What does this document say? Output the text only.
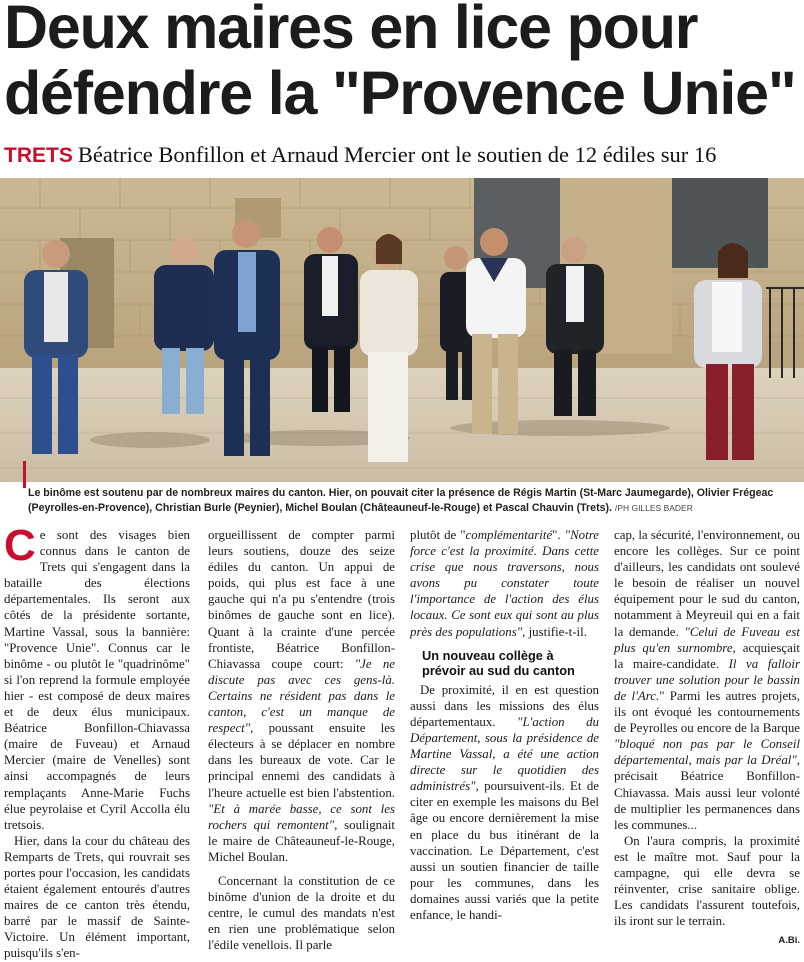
Deux maires en lice pour défendre la "Provence Unie"
TRETS Béatrice Bonfillon et Arnaud Mercier ont le soutien de 12 édiles sur 16
Le binôme est soutenu par de nombreux maires du canton. Hier, on pouvait citer la présence de Régis Martin (St-Marc Jaumegarde), Olivier Frégeac (Peyrolles-en-Provence), Christian Burle (Peynier), Michel Boulan (Châteauneuf-le-Rouge) et Pascal Chauvin (Trets). /PH GILLES BADER

Ce sont des visages bien connus dans le canton de Trets qui s'engagent dans la bataille des élections départementales. Ils seront aux côtés de la présidente sortante, Martine Vassal, sous la bannière: "Provence Unie". Connus car le binôme - ou plutôt le "quadrinôme" si l'on reprend la formule employée hier - est composé de deux maires et de deux élus municipaux. Béatrice Bonfillon-Chiavassa (maire de Fuveau) et Arnaud Mercier (maire de Venelles) sont ainsi accompagnés de leurs remplaçants Anne-Marie Fuchs élue peyrolaise et Cyril Accolla élu tretsois.

Hier, dans la cour du château des Remparts de Trets, qui rouvrait ses portes pour l'occasion, les candidats étaient également entourés d'autres maires de ce canton très étendu, barré par le massif de Sainte-Victoire. Un élément important, puisqu'ils s'en-

orgueillissent de compter parmi leurs soutiens, douze des seize édiles du canton. Un appui de poids, qui plus est face à une gauche qui n'a pu s'entendre (trois binômes de gauche sont en lice). Quant à la crainte d'une percée frontiste, Béatrice Bonfillon-Chiavassa coupe court: "Je ne discute pas avec ces gens-là. Certains ne résident pas dans le canton, c'est un manque de respect", poussant ensuite les électeurs à se déplacer en nombre dans les bureaux de vote. Car le principal ennemi des candidats à l'heure actuelle est bien l'abstention. "Et à marée basse, ce sont les rochers qui remontent", soulignait le maire de Châteauneuf-le-Rouge, Michel Boulan.

Concernant la constitution de ce binôme d'union de la droite et du centre, le cumul des mandats n'est en rien une problématique selon l'édile venellois. Il parle

plutôt de "complémentarité". "Notre force c'est la proximité. Dans cette crise que nous traversons, nous avons pu constater toute l'importance de l'action des élus locaux. Ce sont eux qui sont au plus près des populations", justifie-t-il.

Un nouveau collège à prévoir au sud du canton

De proximité, il en est question aussi dans les missions des élus départementaux. "L'action du Département, sous la présidence de Martine Vassal, a été une action directe sur le quotidien des administrés", poursuivent-ils. Et de citer en exemple les maisons du Bel âge ou encore dernièrement la mise en place du bus itinérant de la vaccination. Le Département, c'est aussi un soutien financier de taille pour les communes, dans les domaines aussi variés que la petite enfance, le handi-

cap, la sécurité, l'environnement, ou encore les collèges. Sur ce point d'ailleurs, les candidats ont soulevé le besoin de réaliser un nouvel équipement pour le sud du canton, notamment à Meyreuil qui en a fait la demande. "Celui de Fuveau est plus qu'en surnombre, acquiesçait la maire-candidate. Il va falloir trouver une solution pour le bassin de l'Arc." Parmi les autres projets, ils ont évoqué les contournements de Peyrolles ou encore de la Barque "bloqué non pas par le Conseil départemental, mais par la Dréal", précisait Béatrice Bonfillon-Chiavassa. Mais aussi leur volonté de multiplier les permanences dans les communes...

On l'aura compris, la proximité est le maître mot. Sauf pour la campagne, qui elle devra se réinventer, crise sanitaire oblige. Les candidats l'assurent toutefois, ils iront sur le terrain.

A.Bi.
